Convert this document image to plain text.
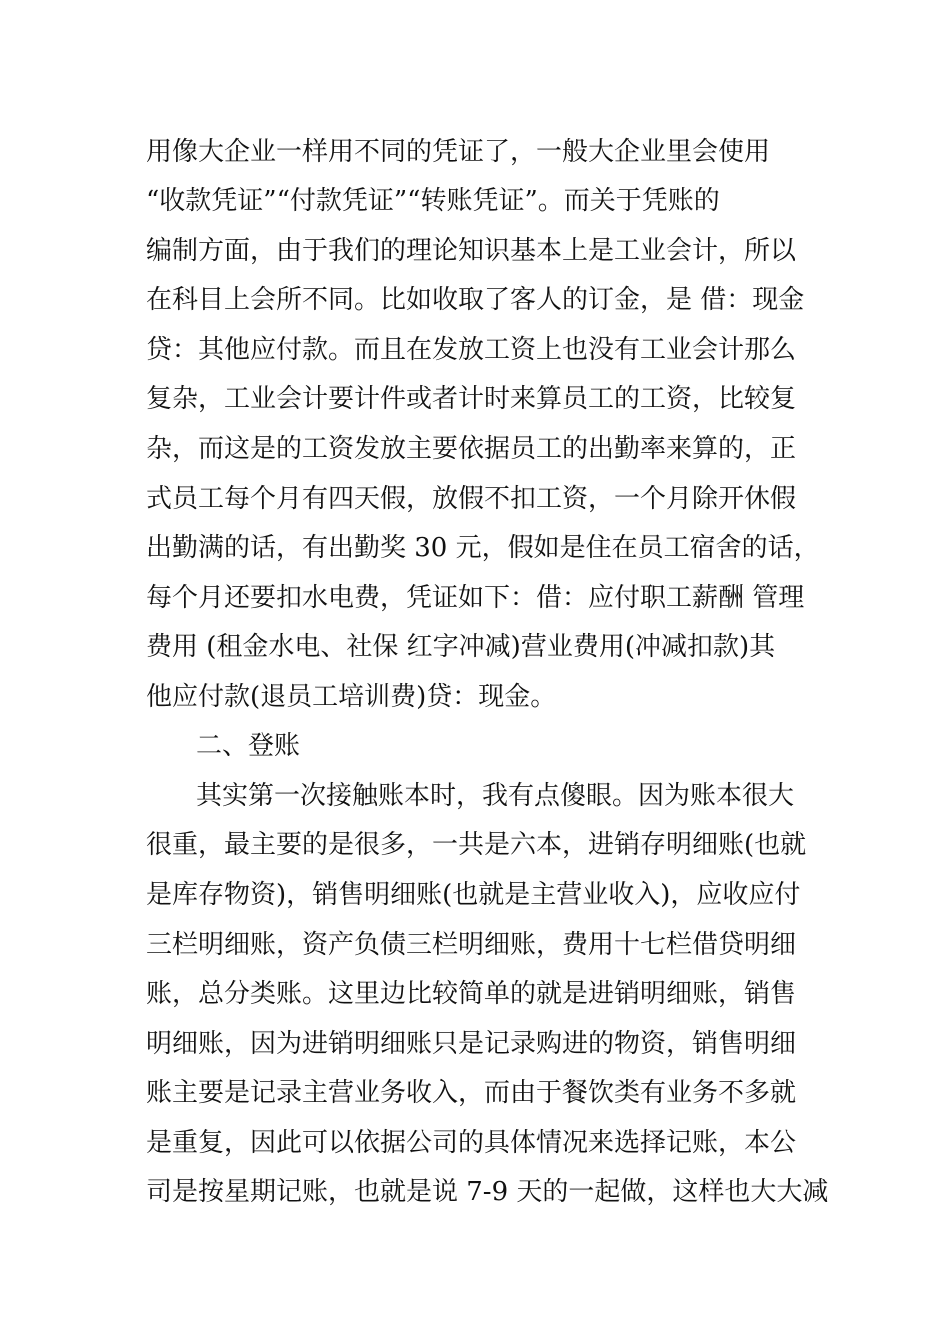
用像大企业一样用不同的凭证了，一般大企业里会使用
“收款凭证”“付款凭证”“转账凭证”。而关于凭账的
编制方面，由于我们的理论知识基本上是工业会计，所以
在科目上会所不同。比如收取了客人的订金，是 借：现金
贷：其他应付款。而且在发放工资上也没有工业会计那么
复杂，工业会计要计件或者计时来算员工的工资，比较复
杂，而这是的工资发放主要依据员工的出勤率来算的，正
式员工每个月有四天假，放假不扣工资，一个月除开休假
出勤满的话，有出勤奖 30 元，假如是住在员工宿舍的话，
每个月还要扣水电费，凭证如下：借：应付职工薪酬 管理
费用 (租金水电、社保 红字冲减)营业费用(冲减扣款)其
他应付款(退员工培训费)贷：现金。
二、登账
其实第一次接触账本时，我有点傻眼。因为账本很大
很重，最主要的是很多，一共是六本，进销存明细账(也就
是库存物资)，销售明细账(也就是主营业收入)，应收应付
三栏明细账，资产负债三栏明细账，费用十七栏借贷明细
账，总分类账。这里边比较简单的就是进销明细账，销售
明细账，因为进销明细账只是记录购进的物资，销售明细
账主要是记录主营业务收入，而由于餐饮类有业务不多就
是重复，因此可以依据公司的具体情况来选择记账，本公
司是按星期记账，也就是说 7-9 天的一起做，这样也大大减
